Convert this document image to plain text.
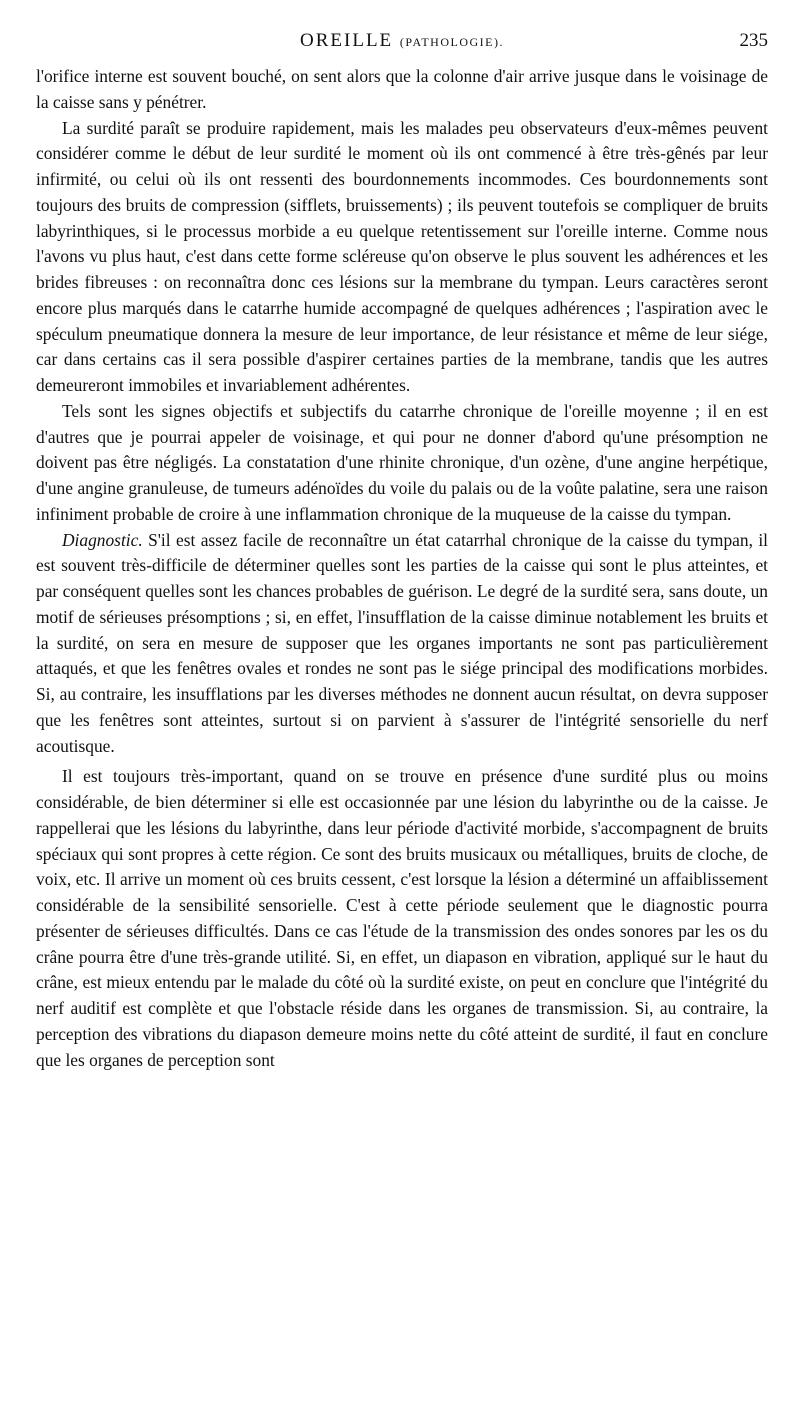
OREILLE (PATHOLOGIE).	235

l'orifice interne est souvent bouché, on sent alors que la colonne d'air arrive jusque dans le voisinage de la caisse sans y pénétrer.

La surdité paraît se produire rapidement, mais les malades peu observateurs d'eux-mêmes peuvent considérer comme le début de leur surdité le moment où ils ont commencé à être très-gênés par leur infirmité, ou celui où ils ont ressenti des bourdonnements incommodes. Ces bourdonnements sont toujours des bruits de compression (sifflets, bruissements) ; ils peuvent toutefois se compliquer de bruits labyrinthiques, si le processus morbide a eu quelque retentissement sur l'oreille interne. Comme nous l'avons vu plus haut, c'est dans cette forme scléreuse qu'on observe le plus souvent les adhérences et les brides fibreuses : on reconnaîtra donc ces lésions sur la membrane du tympan. Leurs caractères seront encore plus marqués dans le catarrhe humide accompagné de quelques adhérences ; l'aspiration avec le spéculum pneumatique donnera la mesure de leur importance, de leur résistance et même de leur siége, car dans certains cas il sera possible d'aspirer certaines parties de la membrane, tandis que les autres demeureront immobiles et invariablement adhérentes.

Tels sont les signes objectifs et subjectifs du catarrhe chronique de l'oreille moyenne ; il en est d'autres que je pourrai appeler de voisinage, et qui pour ne donner d'abord qu'une présomption ne doivent pas être négligés. La constatation d'une rhinite chronique, d'un ozène, d'une angine herpétique, d'une angine granuleuse, de tumeurs adénoïdes du voile du palais ou de la voûte palatine, sera une raison infiniment probable de croire à une inflammation chronique de la muqueuse de la caisse du tympan.

Diagnostic. S'il est assez facile de reconnaître un état catarrhal chronique de la caisse du tympan, il est souvent très-difficile de déterminer quelles sont les parties de la caisse qui sont le plus atteintes, et par conséquent quelles sont les chances probables de guérison. Le degré de la surdité sera, sans doute, un motif de sérieuses présomptions ; si, en effet, l'insufflation de la caisse diminue notablement les bruits et la surdité, on sera en mesure de supposer que les organes importants ne sont pas particulièrement attaqués, et que les fenêtres ovales et rondes ne sont pas le siége principal des modifications morbides. Si, au contraire, les insufflations par les diverses méthodes ne donnent aucun résultat, on devra supposer que les fenêtres sont atteintes, surtout si on parvient à s'assurer de l'intégrité sensorielle du nerf acoutisque.

Il est toujours très-important, quand on se trouve en présence d'une surdité plus ou moins considérable, de bien déterminer si elle est occasionnée par une lésion du labyrinthe ou de la caisse. Je rappellerai que les lésions du labyrinthe, dans leur période d'activité morbide, s'accompagnent de bruits spéciaux qui sont propres à cette région. Ce sont des bruits musicaux ou métalliques, bruits de cloche, de voix, etc. Il arrive un moment où ces bruits cessent, c'est lorsque la lésion a déterminé un affaiblissement considérable de la sensibilité sensorielle. C'est à cette période seulement que le diagnostic pourra présenter de sérieuses difficultés. Dans ce cas l'étude de la transmission des ondes sonores par les os du crâne pourra être d'une très-grande utilité. Si, en effet, un diapason en vibration, appliqué sur le haut du crâne, est mieux entendu par le malade du côté où la surdité existe, on peut en conclure que l'intégrité du nerf auditif est complète et que l'obstacle réside dans les organes de transmission. Si, au contraire, la perception des vibrations du diapason demeure moins nette du côté atteint de surdité, il faut en conclure que les organes de perception sont
